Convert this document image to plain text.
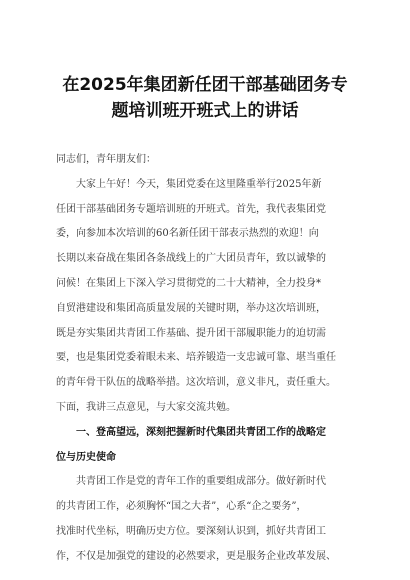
在2025年集团新任团干部基础团务专
题培训班开班式上的讲话
同志们，青年朋友们：
大家上午好！今天，集团党委在这里隆重举行2025年新
任团干部基础团务专题培训班的开班式。首先，我代表集团党
委，向参加本次培训的60名新任团干部表示热烈的欢迎！向
长期以来奋战在集团各条战线上的广大团员青年，致以诚挚的
问候！在集团上下深入学习贯彻党的二十大精神，全力投身*
自贸港建设和集团高质量发展的关键时期，举办这次培训班，
既是夯实集团共青团工作基础、提升团干部履职能力的迫切需
要，也是集团党委着眼未来、培养锻造一支忠诚可靠、堪当重任
的青年骨干队伍的战略举措。这次培训，意义非凡，责任重大。
下面，我讲三点意见，与大家交流共勉。
一、登高望远，深刻把握新时代集团共青团工作的战略定
位与历史使命
共青团工作是党的青年工作的重要组成部分。做好新时代
的共青团工作，必须胸怀“国之大者”，心系“企之要务”，
找准时代坐标，明确历史方位。要深刻认识到，抓好共青团工
作，不仅是加强党的建设的必然要求，更是服务企业改革发展、
